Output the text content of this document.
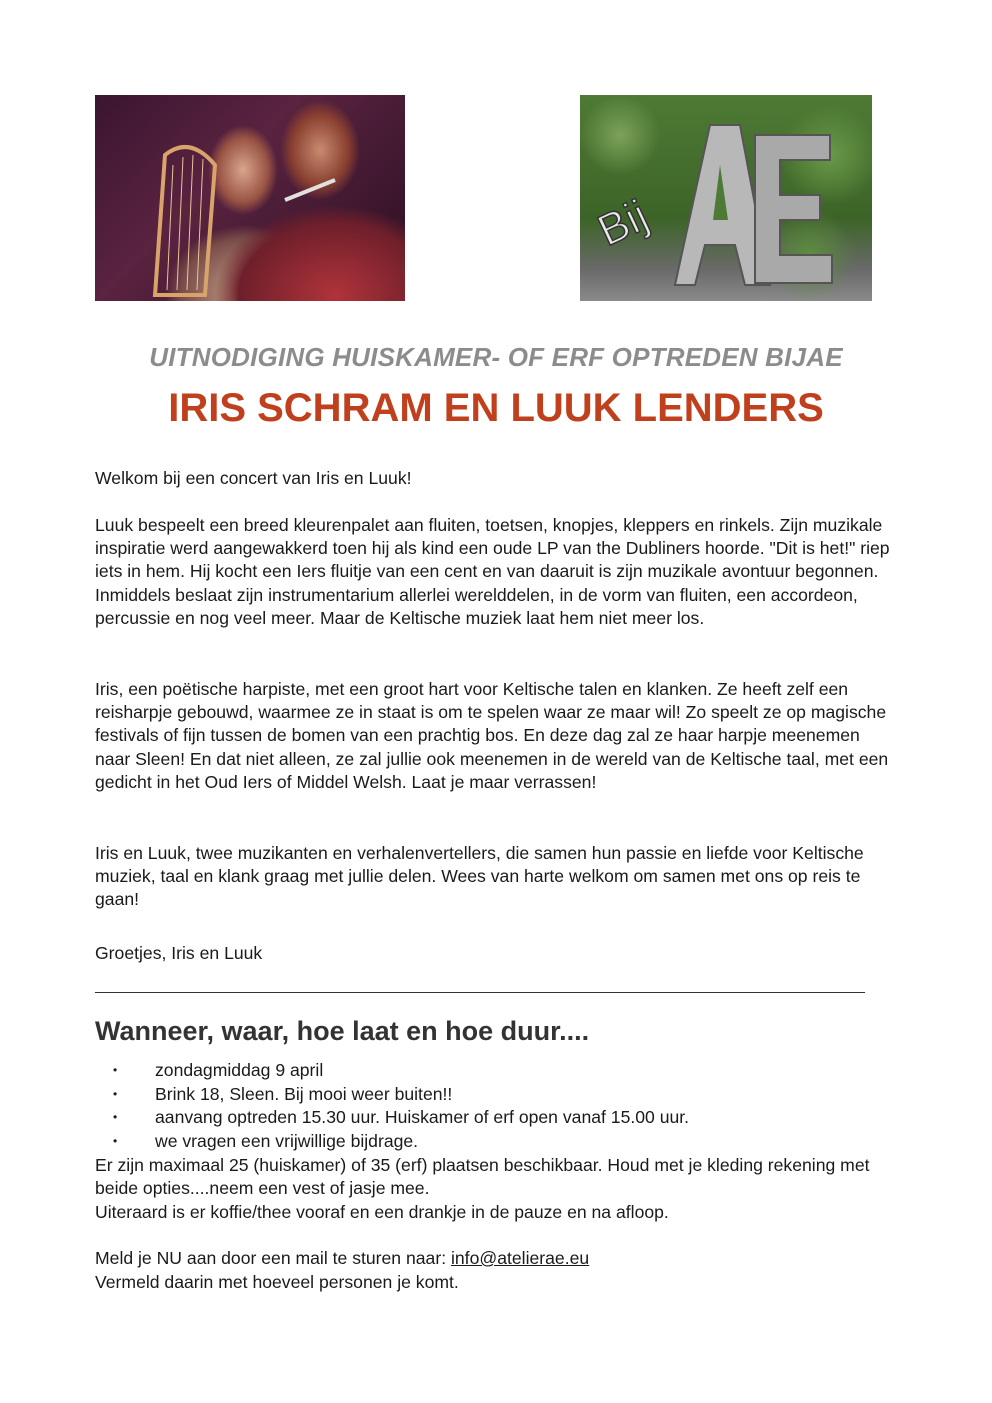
Bij
UITNODIGING HUISKAMER- OF ERF OPTREDEN BIJAE
IRIS SCHRAM EN LUUK LENDERS

Welkom bij een concert van Iris en Luuk!

Luuk bespeelt een breed kleurenpalet aan fluiten, toetsen, knopjes, kleppers en rinkels. Zijn muzikale inspiratie werd aangewakkerd toen hij als kind een oude LP van the Dubliners hoorde. "Dit is het!" riep iets in hem. Hij kocht een Iers fluitje van een cent en van daaruit is zijn muzikale avontuur begonnen. Inmiddels beslaat zijn instrumentarium allerlei werelddelen, in de vorm van fluiten, een accordeon, percussie en nog veel meer. Maar de Keltische muziek laat hem niet meer los.

Iris, een poëtische harpiste, met een groot hart voor Keltische talen en klanken. Ze heeft zelf een reisharpje gebouwd, waarmee ze in staat is om te spelen waar ze maar wil! Zo speelt ze op magische festivals of fijn tussen de bomen van een prachtig bos. En deze dag zal ze haar harpje meenemen naar Sleen! En dat niet alleen, ze zal jullie ook meenemen in de wereld van de Keltische taal, met een gedicht in het Oud Iers of Middel Welsh. Laat je maar verrassen!

Iris en Luuk, twee muzikanten en verhalenvertellers, die samen hun passie en liefde voor Keltische muziek, taal en klank graag met jullie delen. Wees van harte welkom om samen met ons op reis te gaan!

Groetjes, Iris en Luuk

Wanneer, waar, hoe laat en hoe duur....
• zondagmiddag 9 april
• Brink 18, Sleen. Bij mooi weer buiten!!
• aanvang optreden 15.30 uur. Huiskamer of erf open vanaf 15.00 uur.
• we vragen een vrijwillige bijdrage.

Er zijn maximaal 25 (huiskamer) of 35 (erf) plaatsen beschikbaar. Houd met je kleding rekening met beide opties....neem een vest of jasje mee.

Uiteraard is er koffie/thee vooraf en een drankje in de pauze en na afloop.

Meld je NU aan door een mail te sturen naar: info@atelierae.eu

Vermeld daarin met hoeveel personen je komt.
